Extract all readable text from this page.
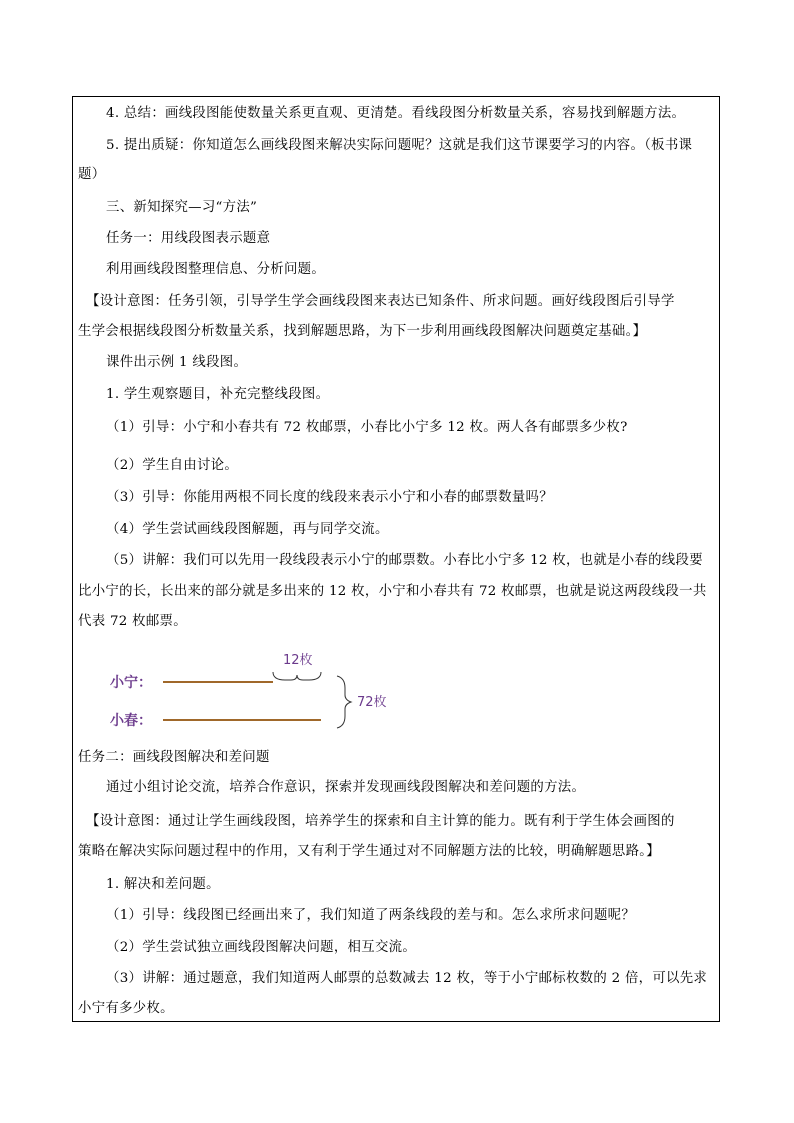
4. 总结：画线段图能使数量关系更直观、更清楚。看线段图分析数量关系，容易找到解题方法。
5. 提出质疑：你知道怎么画线段图来解决实际问题呢？这就是我们这节课要学习的内容。（板书课
题）
三、新知探究—习“方法”
任务一：用线段图表示题意
利用画线段图整理信息、分析问题。
【设计意图：任务引领，引导学生学会画线段图来表达已知条件、所求问题。画好线段图后引导学
生学会根据线段图分析数量关系，找到解题思路，为下一步利用画线段图解决问题奠定基础。】
课件出示例 1 线段图。
1. 学生观察题目，补充完整线段图。
（1）引导：小宁和小春共有 72 枚邮票，小春比小宁多 12 枚。两人各有邮票多少枚?
（2）学生自由讨论。
（3）引导：你能用两根不同长度的线段来表示小宁和小春的邮票数量吗？
（4）学生尝试画线段图解题，再与同学交流。
（5）讲解：我们可以先用一段线段表示小宁的邮票数。小春比小宁多 12 枚，也就是小春的线段要
比小宁的长，长出来的部分就是多出来的 12 枚，小宁和小春共有 72 枚邮票，也就是说这两段线段一共
代表 72 枚邮票。
小宁：
小春：
12枚
72枚
任务二：画线段图解决和差问题
通过小组讨论交流，培养合作意识，探索并发现画线段图解决和差问题的方法。
【设计意图：通过让学生画线段图，培养学生的探索和自主计算的能力。既有利于学生体会画图的
策略在解决实际问题过程中的作用，又有利于学生通过对不同解题方法的比较，明确解题思路。】
1. 解决和差问题。
（1）引导：线段图已经画出来了，我们知道了两条线段的差与和。怎么求所求问题呢？
（2）学生尝试独立画线段图解决问题，相互交流。
（3）讲解：通过题意，我们知道两人邮票的总数减去 12 枚，等于小宁邮标枚数的 2 倍，可以先求
小宁有多少枚。
